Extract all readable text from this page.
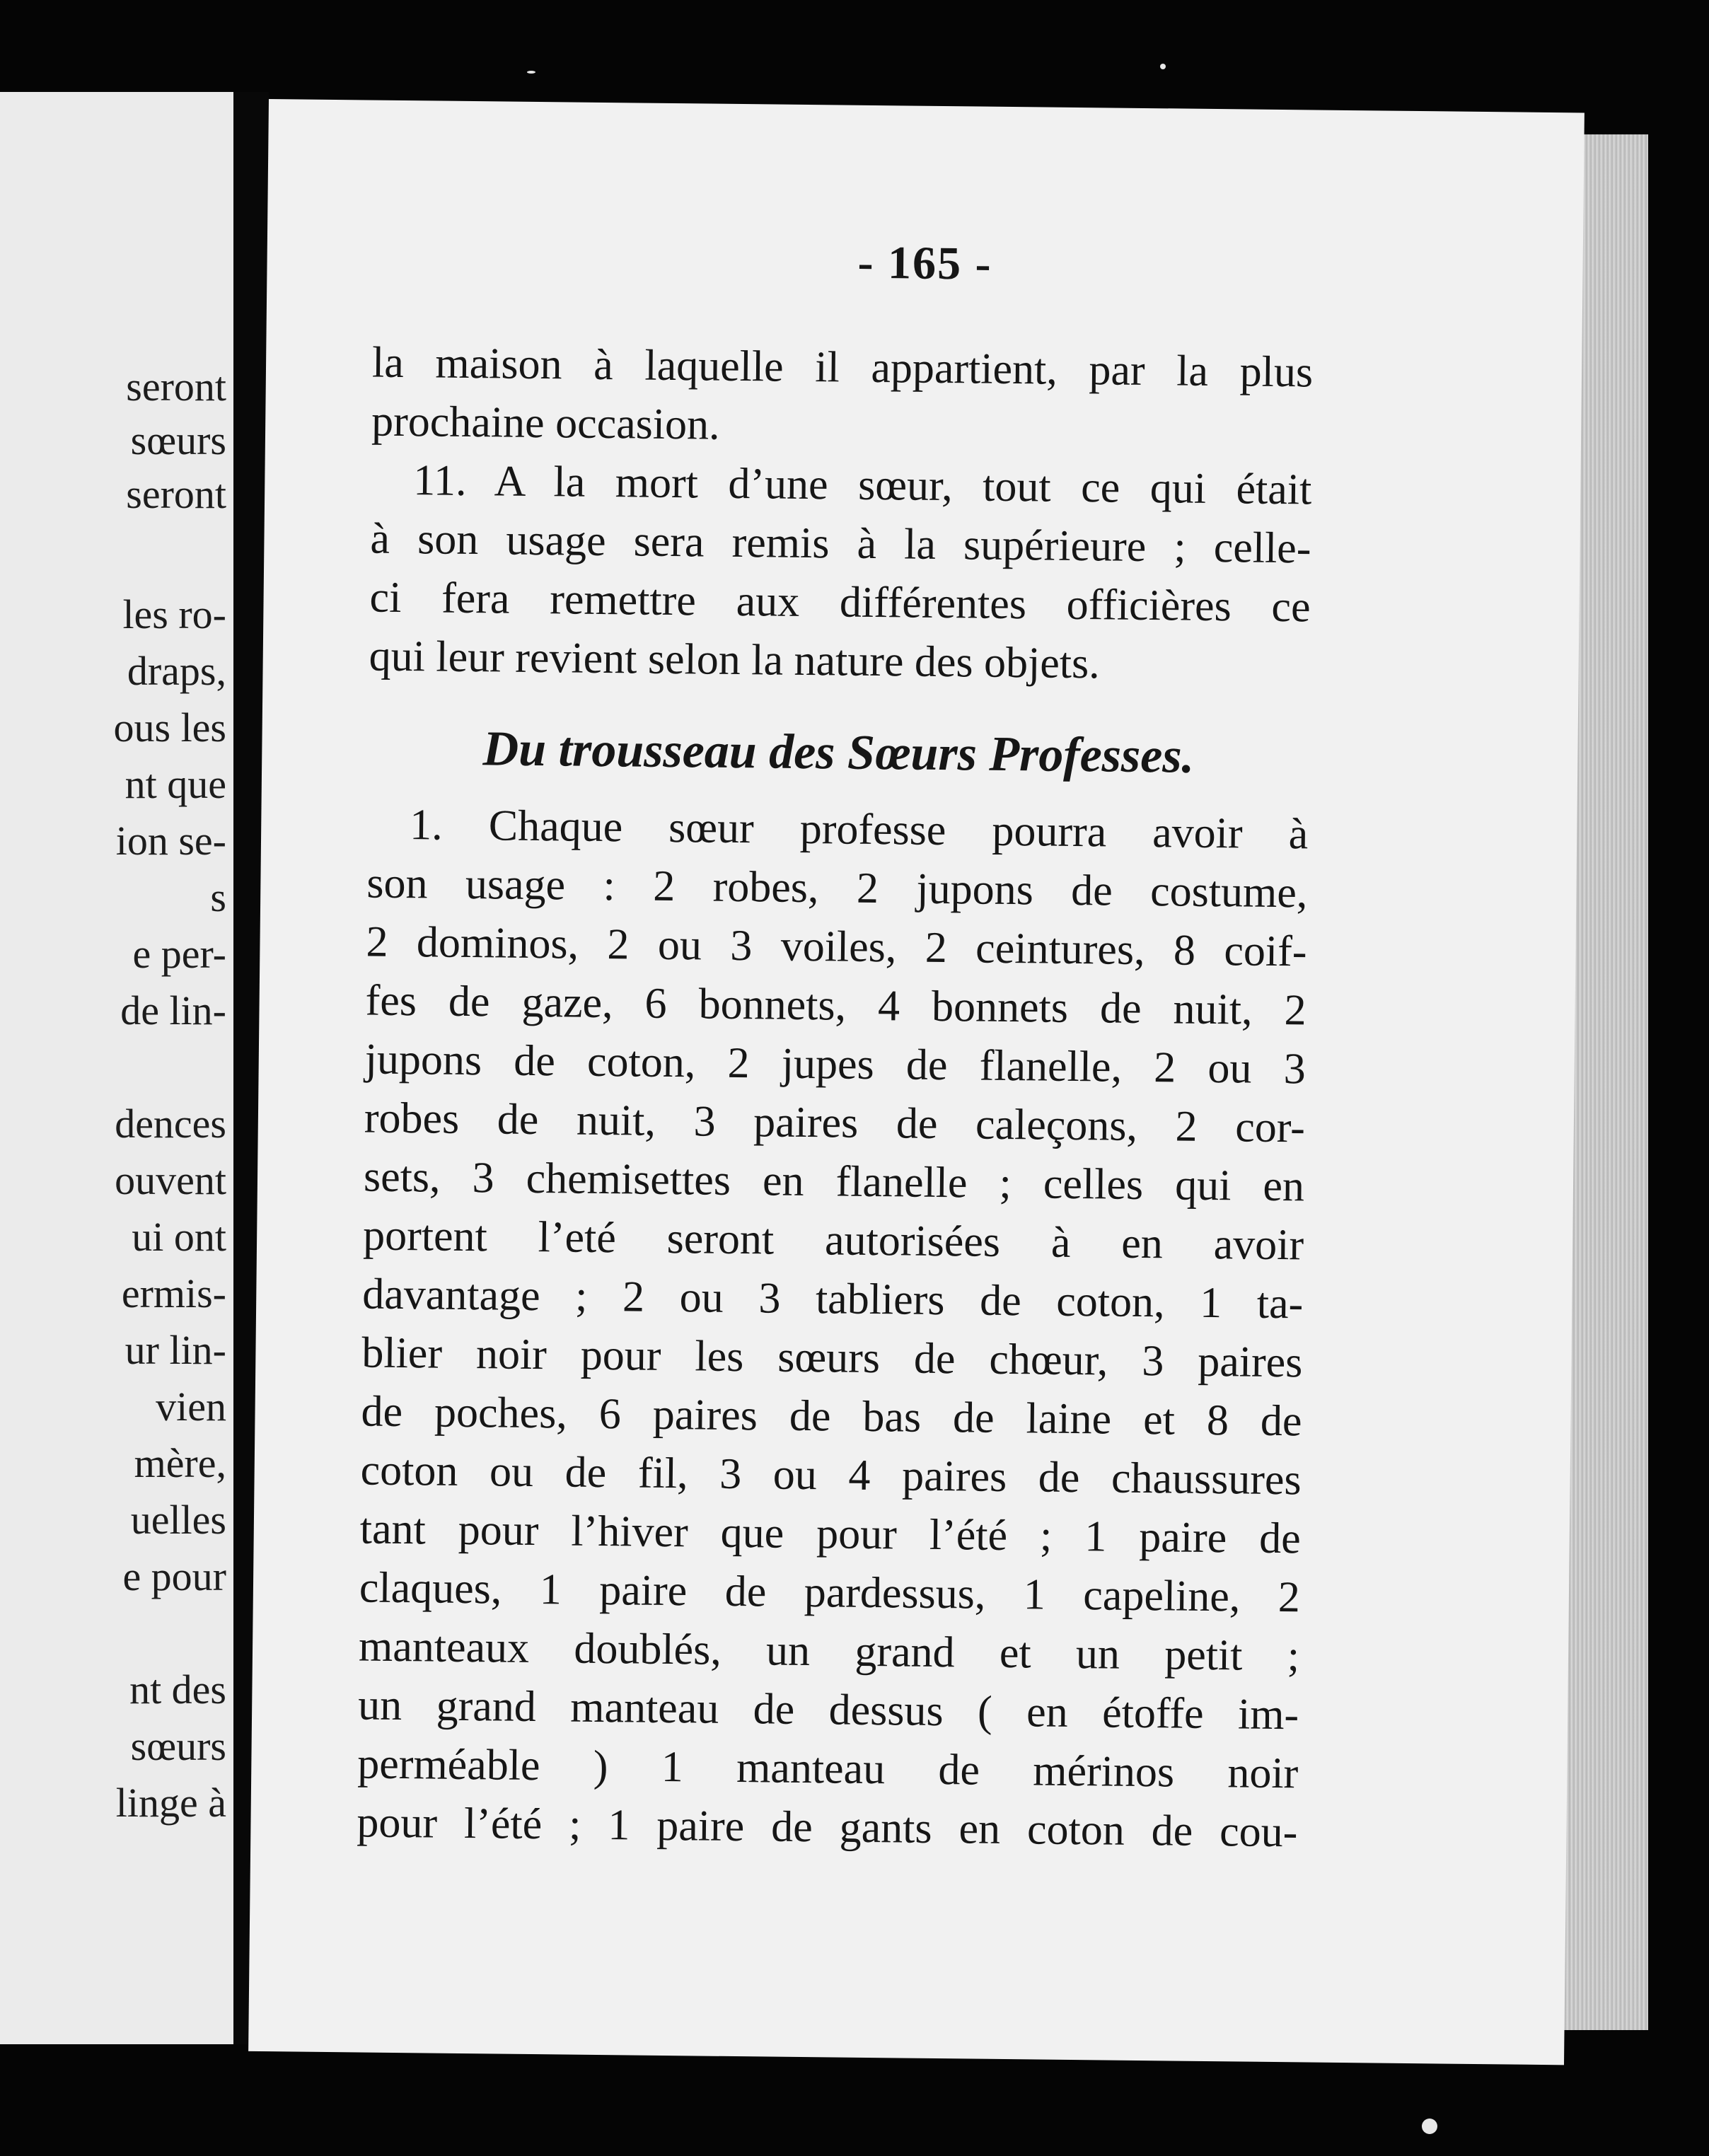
seront
sœurs
seront
les ro-
draps,
ous les
nt que
ion se-
s
e per-
de lin-
dences
ouvent
ui ont
ermis-
ur lin-
vien
mère,
uelles
e pour
nt des
sœurs
linge à
- 165 -
la maison à laquelle il appartient, par la plus
prochaine occasion.
11. A la mort d’une sœur, tout ce qui était
à son usage sera remis à la supérieure ; celle-
ci fera remettre aux différentes officières ce
qui leur revient selon la nature des objets.
Du trousseau des Sœurs Professes.
1. Chaque sœur professe pourra avoir à
son usage : 2 robes, 2 jupons de costume,
2 dominos, 2 ou 3 voiles, 2 ceintures, 8 coif-
fes de gaze, 6 bonnets, 4 bonnets de nuit, 2
jupons de coton, 2 jupes de flanelle, 2 ou 3
robes de nuit, 3 paires de caleçons, 2 cor-
sets, 3 chemisettes en flanelle ; celles qui en
portent l’eté seront autorisées à en avoir
davantage ; 2 ou 3 tabliers de coton, 1 ta-
blier noir pour les sœurs de chœur, 3 paires
de poches, 6 paires de bas de laine et 8 de
coton ou de fil, 3 ou 4 paires de chaussures
tant pour l’hiver que pour l’été ; 1 paire de
claques, 1 paire de pardessus, 1 capeline, 2
manteaux doublés, un grand et un petit ;
un grand manteau de dessus ( en étoffe im-
perméable ) 1 manteau de mérinos noir
pour l’été ; 1 paire de gants en coton de cou-
